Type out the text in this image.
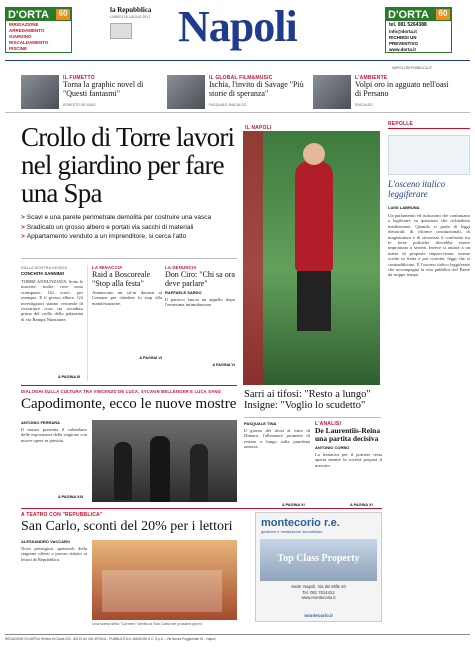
D'ORTA	60
IRRIGAZIONE
ARREDAMENTO GIARDINO
RISCALDAMENTO
PISCINE
la Repubblica
LUNEDÌ 18 LUGLIO 2017 Napoli	D'ORTA	60
tel. 081 5264388
info@dorta.it
RICHIEDI UN
PREVENTIVO
www.dorta.it
NAPOLI.REPUBBLICA.IT
IL FUMETTO
Torna la graphic novel di "Questi fantasmi"
ERNESTO DE MAIO
IL GLOBAL FILM&MUSIC
Ischia, l'invito di Savage "Più storie di speranza"
PASQUALE RAICALDO
L'AMBIENTE
Volpi oro in agguato nell'oasi di Persano
RAICALDO
Crollo di Torre lavori nel giardino per fare una Spa
> Scavi e una parete perimetrale demolita per costruire una vasca
> Sradicato un grosso albero e portati via sacchi di materiali
> Appartamento venduto a un imprenditore, si cerca l'atto
DALLA NOSTRA INVIATA
CONCHITA SANNINO
TORRE ANNUNZIATA. Sotto le macerie, molte cose sono scomparse. Gli scavi, per esempio. E il grosso albero. Gli investigatori stanno cercando di ricostruire cosa sia accaduto prima del crollo della palazzina di via Rampa Nunziante.
A PAGINA III
LA MINACCIA
Raid a Boscoreale "Stop alla festa"
Annunciato un sit-in davanti al Comune per chiedere lo stop alla manifestazione.
A PAGINA VI
LA DENUNCIA
Don Ciro: "Chi sa ora deve parlare"
RAFFAELE SARDO
Il parroco lancia un appello dopo l'ennesima intimidazione.
A PAGINA VI
IL NAPOLI
Sarri ai tifosi: "Resto a lungo" Insigne: "Voglio lo scudetto"
PASQUALE TINA
Il giorno dei tifosi al ritiro di Dimaro, l'allenatore promette di restare a lungo sulla panchina azzurra.
A PAGINA XI
L'ANALISI
De Laurentiis-Reina una partita decisiva
ANTONIO CORBO
La trattativa per il portiere resta aperta mentre la società prepara il mercato.
A PAGINA XI
DIALOGHI SULLA CULTURA TRA VINCENZO DE LUCA, SYLVAIN BELLENGER E LUCA SANG
Capodimonte, ecco le nuove mostre
ANTONIO FERRARA
Il museo presenta il calendario delle esposizioni della stagione con nuove opere in prestito.
A PAGINA XIII
A TEATRO CON "REPUBBLICA"
San Carlo, sconti del 20% per i lettori
ALESSANDRO VACCARO
Nove prestigiosi spettacoli della stagione offerti a prezzo ridotto ai lettori di Repubblica.
Una scena della "Carmen" diretta al San Carlo nei prossimi giorni
montecorio r.e.
gestione e mediazione immobiliare
Top Class Property
Sede: Napoli, Via dei Mille 40
Tel. 081 7614412
www.montecorio.it
montecorio.it
REPOLLE
L'osceno italico leggiferare
LUIGI LABRUNA
Un parlamento ed istituzioni che continuano a legiferare su questioni che richiedono meditazione. Quando si parla di leggi elettorali, di riforme costituzionali, di magistratura e di sicurezza il confronto tra le forze politiche dovrebbe essere improntato a serietà. Invece si assiste a un teatro di proposte improvvisate, norme scritte in fretta e poi corrette, leggi che si contraddicono. È l'osceno italico leggiferare che accompagna la vita pubblica del Paese da troppo tempo.
REDAZIONE DI NAPOLI Riviera di Chiaia 215 - 80121 tel. 081 4978111 - PUBBLICITÀ A. MANZONI & C. S.p.A. - Via Nuova Poggioreale 61 - Napoli
